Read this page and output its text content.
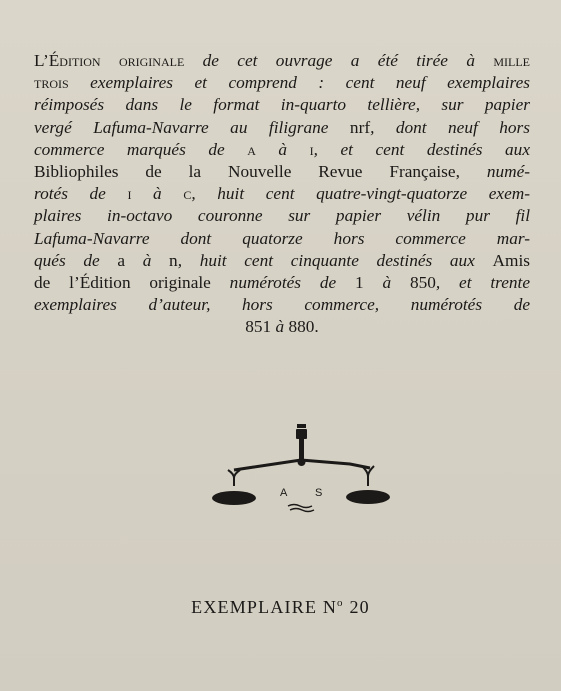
L’Édition originale de cet ouvrage a été tirée à mille
trois exemplaires et comprend : cent neuf exemplaires
réimposés dans le format in-quarto tellière, sur papier
vergé Lafuma-Navarre au filigrane nrf, dont neuf hors
commerce marqués de a à i, et cent destinés aux
Bibliophiles de la Nouvelle Revue Française, numé-
rotés de i à c, huit cent quatre-vingt-quatorze exem-
plaires in-octavo couronne sur papier vélin pur fil
Lafuma-Navarre dont quatorze hors commerce mar-
qués de a à n, huit cent cinquante destinés aux Amis
de l’Édition originale numérotés de 1 à 850, et trente
exemplaires d’auteur, hors commerce, numérotés de
851 à 880.
A	S
EXEMPLAIRE $N^o$ 20
